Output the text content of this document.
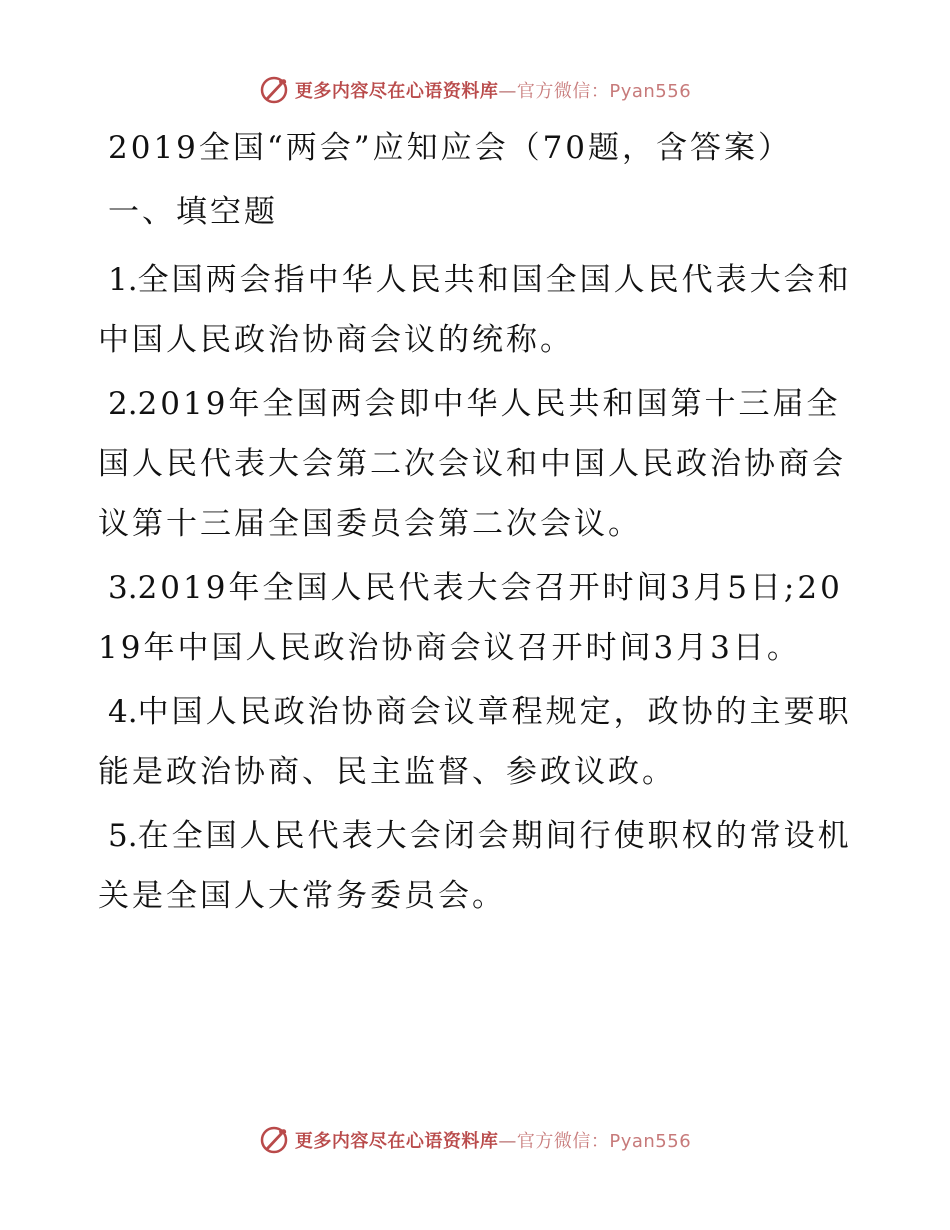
更多内容尽在心语资料库—官方微信：Pyan556
2019全国“两会”应知应会（70题，含答案）
一、填空题

1.全国两会指中华人民共和国全国人民代表大会和中国人民政治协商会议的统称。

2.2019年全国两会即中华人民共和国第十三届全国人民代表大会第二次会议和中国人民政治协商会议第十三届全国委员会第二次会议。

3.2019年全国人民代表大会召开时间3月5日;2019年中国人民政治协商会议召开时间3月3日。

4.中国人民政治协商会议章程规定，政协的主要职能是政治协商、民主监督、参政议政。

5.在全国人民代表大会闭会期间行使职权的常设机关是全国人大常务委员会。

更多内容尽在心语资料库—官方微信：Pyan556
